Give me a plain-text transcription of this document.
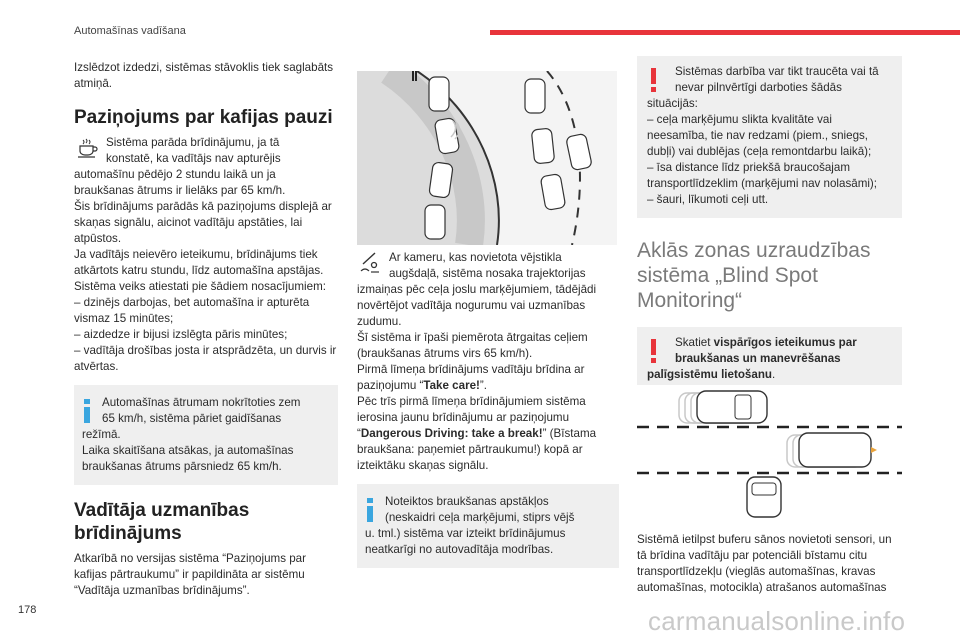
Automašīnas vadīšana
Izslēdzot izdedzi, sistēmas stāvoklis tiek saglabāts atmiņā.
Paziņojums par kafijas pauzi
Sistēma parāda brīdinājumu, ja tā
konstatē, ka vadītājs nav apturējis
automašīnu pēdējo 2 stundu laikā un ja braukšanas ātrums ir lielāks par 65 km/h.
Šis brīdinājums parādās kā paziņojums displejā ar skaņas signālu, aicinot vadītāju apstāties, lai atpūstos.
Ja vadītājs neievēro ieteikumu, brīdinājums tiek atkārtots katru stundu, līdz automašīna apstājas.
Sistēma veiks atiestati pie šādiem nosacījumiem:
– dzinējs darbojas, bet automašīna ir apturēta vismaz 15 minūtes;
– aizdedze ir bijusi izslēgta pāris minūtes;
– vadītāja drošības josta ir atsprādzēta, un durvis ir atvērtas.
Automašīnas ātrumam nokrītoties zem
65 km/h, sistēma pāriet gaidīšanas
režīmā.
Laika skaitīšana atsākas, ja automašīnas braukšanas ātrums pārsniedz 65 km/h.
Vadītāja uzmanības brīdinājums
Atkarībā no versijas sistēma “Paziņojums par kafijas pārtraukumu” ir papildināta ar sistēmu “Vadītāja uzmanības brīdinājums”.
Ar kameru, kas novietota vējstikla
augšdaļā, sistēma nosaka trajektorijas
izmaiņas pēc ceļa joslu marķējumiem, tādējādi novērtējot vadītāja nogurumu vai uzmanības zudumu.
Šī sistēma ir īpaši piemērota ātrgaitas ceļiem (braukšanas ātrums virs 65 km/h).
Pirmā līmeņa brīdinājums vadītāju brīdina ar paziņojumu “Take care!”.
Pēc trīs pirmā līmeņa brīdinājumiem sistēma ierosina jaunu brīdinājumu ar paziņojumu “Dangerous Driving: take a break!” (Bīstama braukšana: paņemiet pārtraukumu!) kopā ar izteiktāku skaņas signālu.
Noteiktos braukšanas apstākļos
(neskaidri ceļa marķējumi, stiprs vējš
u. tml.) sistēma var izteikt brīdinājumus neatkarīgi no autovadītāja modrības.
Sistēmas darbība var tikt traucēta vai tā
nevar pilnvērtīgi darboties šādās
situācijās:
– ceļa marķējumu slikta kvalitāte vai neesamība, tie nav redzami (piem., sniegs, dubļi) vai dublējas (ceļa remontdarbu laikā);
– īsa distance līdz priekšā braucošajam transportlīdzeklim (marķējumi nav nolasāmi);
– šauri, līkumoti ceļi utt.
Aklās zonas uzraudzības sistēma „Blind Spot Monitoring“
Skatiet vispārīgos ieteikumus par
braukšanas un manevrēšanas
palīgsistēmu lietošanu.
Sistēmā ietilpst buferu sānos novietoti sensori, un tā brīdina vadītāju par potenciāli bīstamu citu transportlīdzekļu (vieglās automašīnas, kravas automašīnas, motocikla) atrašanos automašīnas
178	carmanualsonline.info
